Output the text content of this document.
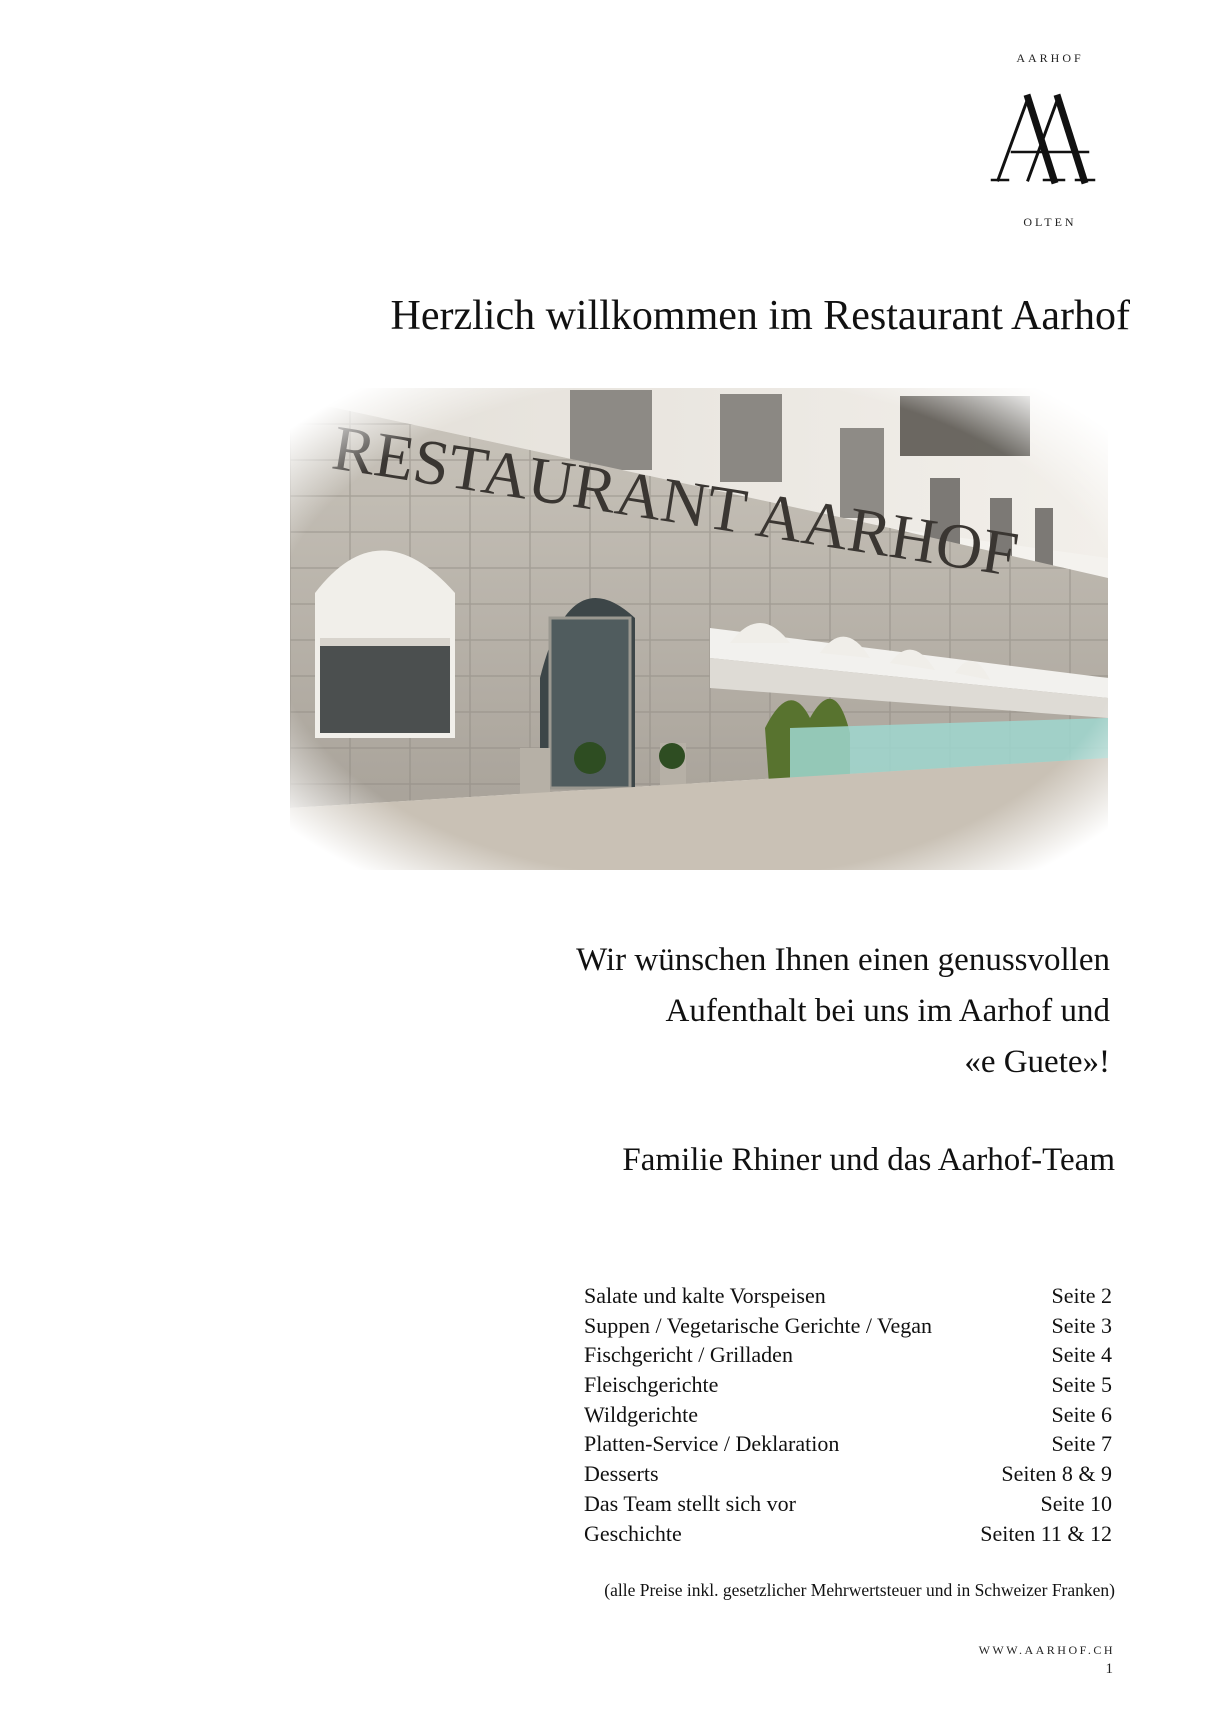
AARHOF
OLTEN
Herzlich willkommen im Restaurant Aarhof
Wir wünschen Ihnen einen genussvollen
Aufenthalt bei uns im Aarhof und
«e Guete»!
Familie Rhiner und das Aarhof-Team
Salate und kalte Vorspeisen	Seite 2
Suppen / Vegetarische Gerichte / Vegan	Seite 3
Fischgericht / Grilladen	Seite 4
Fleischgerichte	Seite 5
Wildgerichte	Seite 6
Platten-Service / Deklaration	Seite 7
Desserts	Seiten 8 & 9
Das Team stellt sich vor	Seite 10
Geschichte	Seiten 11 & 12
(alle Preise inkl. gesetzlicher Mehrwertsteuer und in Schweizer Franken)
WWW.AARHOF.CH
1
